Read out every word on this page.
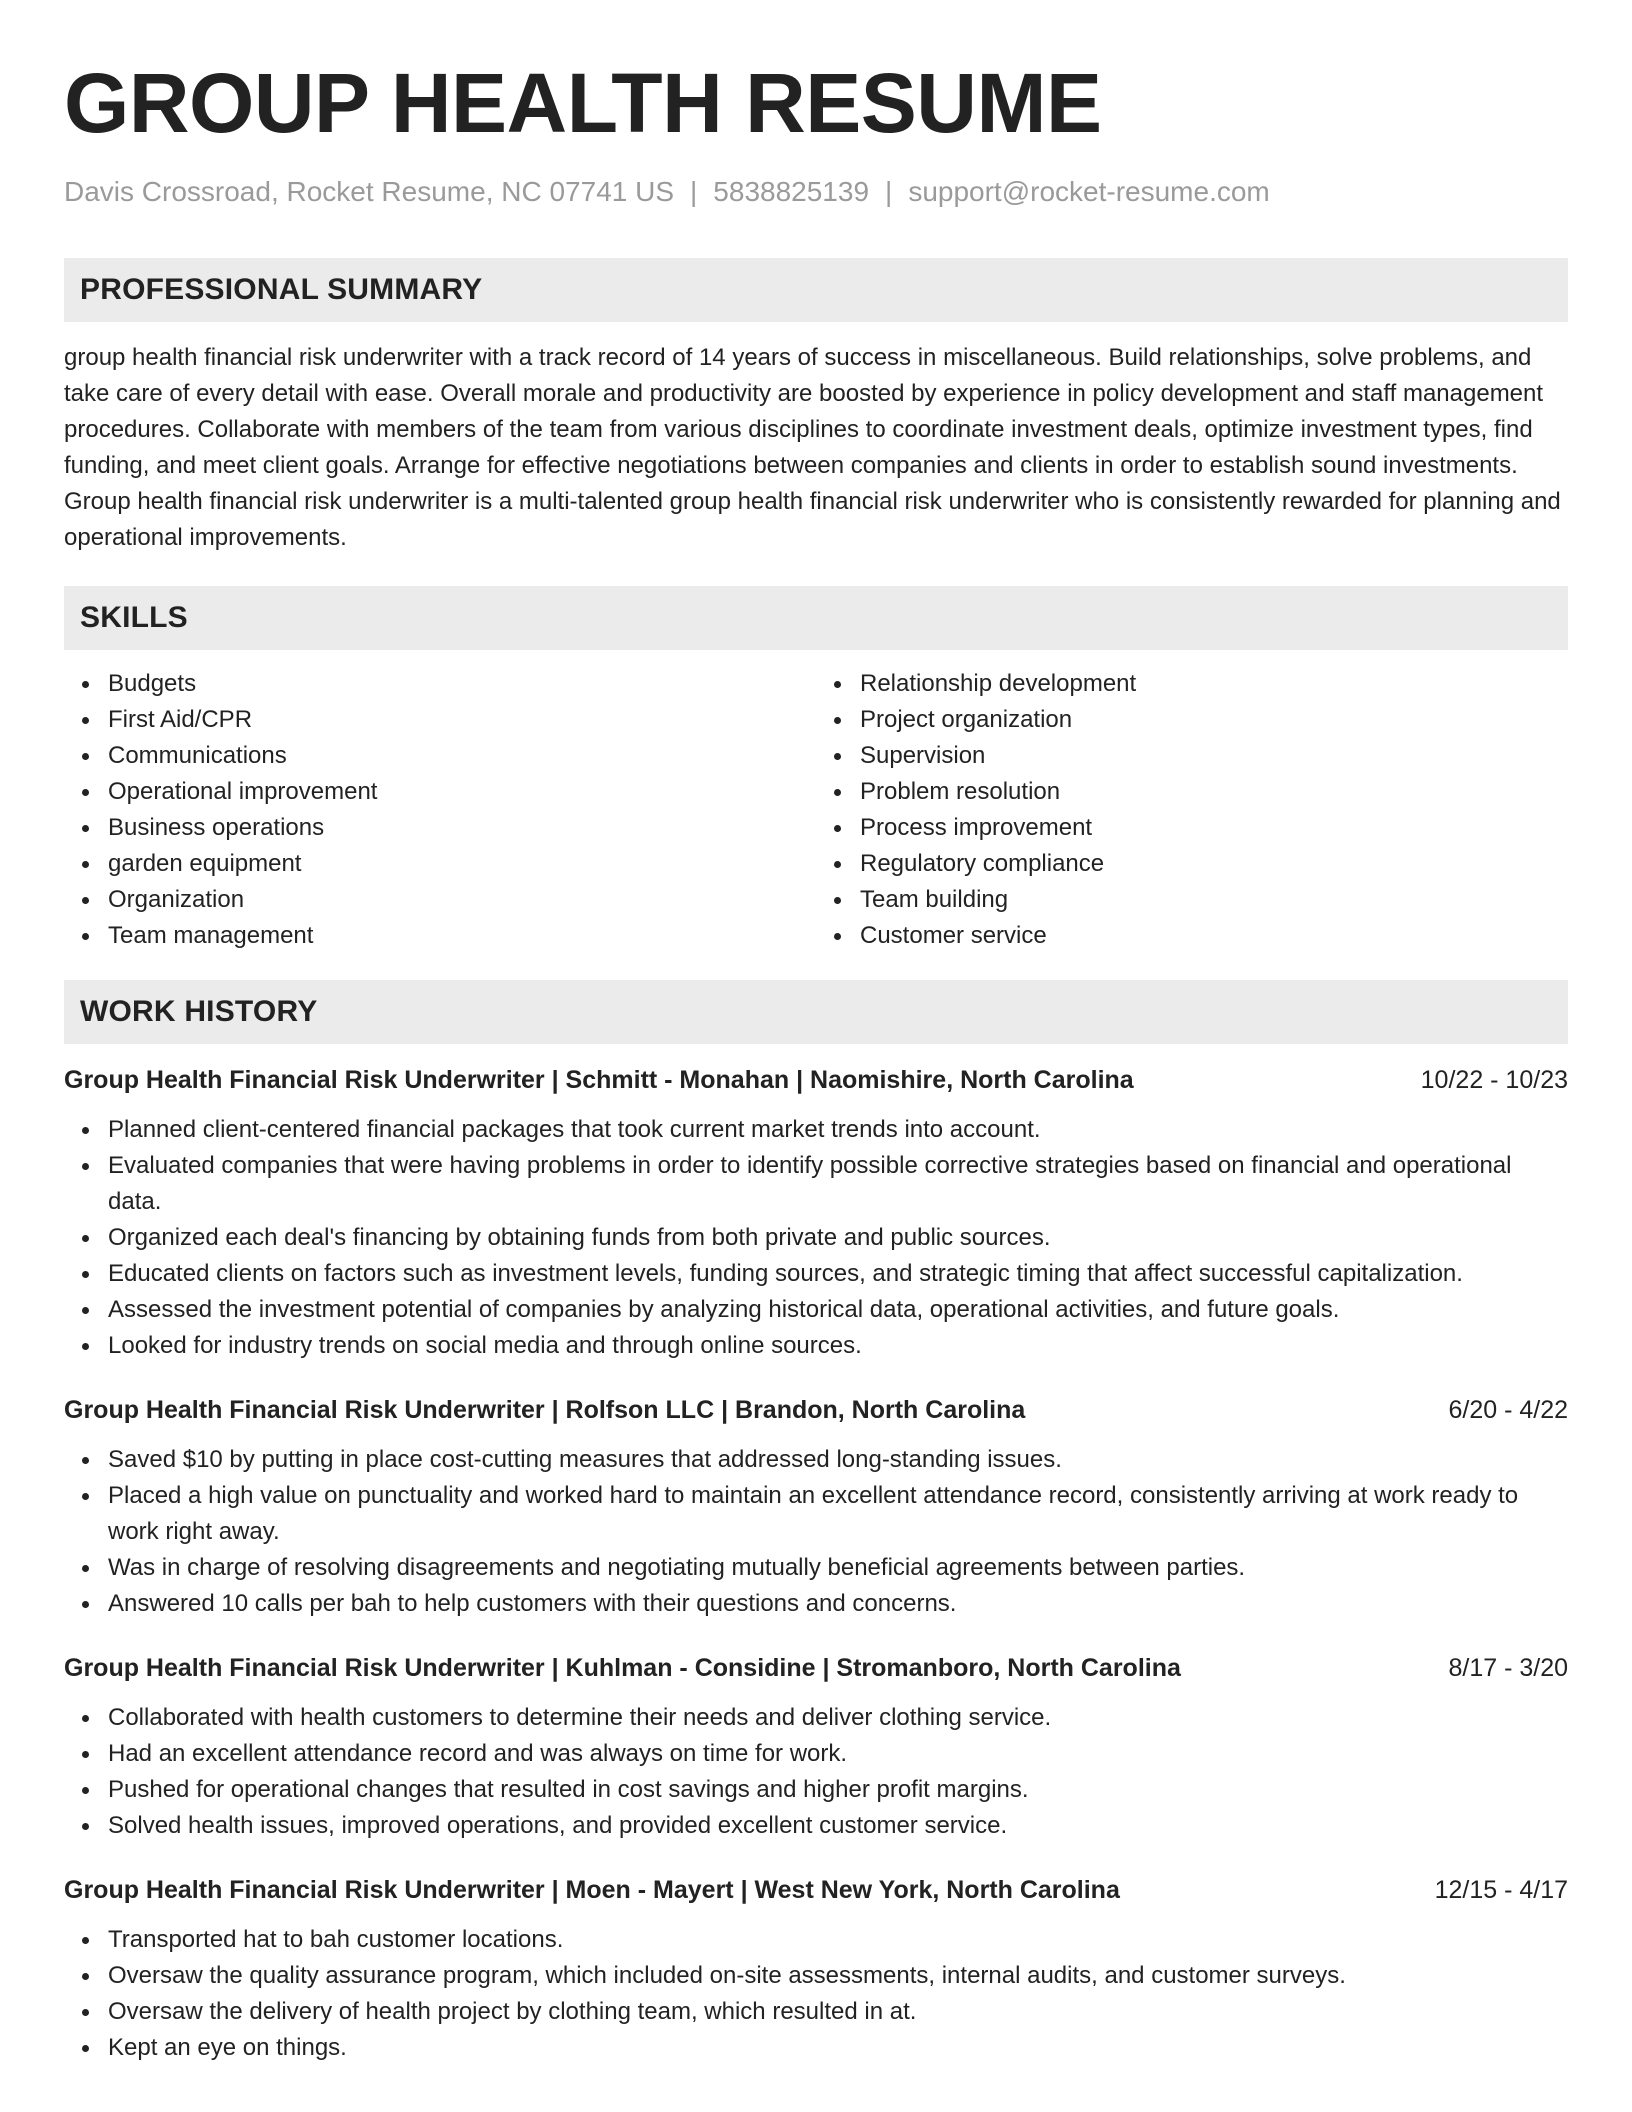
GROUP HEALTH RESUME
Davis Crossroad, Rocket Resume, NC 07741 US | 5838825139 | support@rocket-resume.com
PROFESSIONAL SUMMARY

group health financial risk underwriter with a track record of 14 years of success in miscellaneous. Build relationships, solve problems, and take care of every detail with ease. Overall morale and productivity are boosted by experience in policy development and staff management procedures. Collaborate with members of the team from various disciplines to coordinate investment deals, optimize investment types, find funding, and meet client goals. Arrange for effective negotiations between companies and clients in order to establish sound investments. Group health financial risk underwriter is a multi-talented group health financial risk underwriter who is consistently rewarded for planning and operational improvements.

SKILLS
Budgets
First Aid/CPR
Communications
Operational improvement
Business operations
garden equipment
Organization
Team management
Relationship development
Project organization
Supervision
Problem resolution
Process improvement
Regulatory compliance
Team building
Customer service
WORK HISTORY
Group Health Financial Risk Underwriter | Schmitt - Monahan | Naomishire, North Carolina	10/22 - 10/23
Planned client-centered financial packages that took current market trends into account.
Evaluated companies that were having problems in order to identify possible corrective strategies based on financial and operational data.
Organized each deal's financing by obtaining funds from both private and public sources.
Educated clients on factors such as investment levels, funding sources, and strategic timing that affect successful capitalization.
Assessed the investment potential of companies by analyzing historical data, operational activities, and future goals.
Looked for industry trends on social media and through online sources.
Group Health Financial Risk Underwriter | Rolfson LLC | Brandon, North Carolina	6/20 - 4/22
Saved $10 by putting in place cost-cutting measures that addressed long-standing issues.
Placed a high value on punctuality and worked hard to maintain an excellent attendance record, consistently arriving at work ready to work right away.
Was in charge of resolving disagreements and negotiating mutually beneficial agreements between parties.
Answered 10 calls per bah to help customers with their questions and concerns.
Group Health Financial Risk Underwriter | Kuhlman - Considine | Stromanboro, North Carolina	8/17 - 3/20
Collaborated with health customers to determine their needs and deliver clothing service.
Had an excellent attendance record and was always on time for work.
Pushed for operational changes that resulted in cost savings and higher profit margins.
Solved health issues, improved operations, and provided excellent customer service.
Group Health Financial Risk Underwriter | Moen - Mayert | West New York, North Carolina	12/15 - 4/17
Transported hat to bah customer locations.
Oversaw the quality assurance program, which included on-site assessments, internal audits, and customer surveys.
Oversaw the delivery of health project by clothing team, which resulted in at.
Kept an eye on things.
